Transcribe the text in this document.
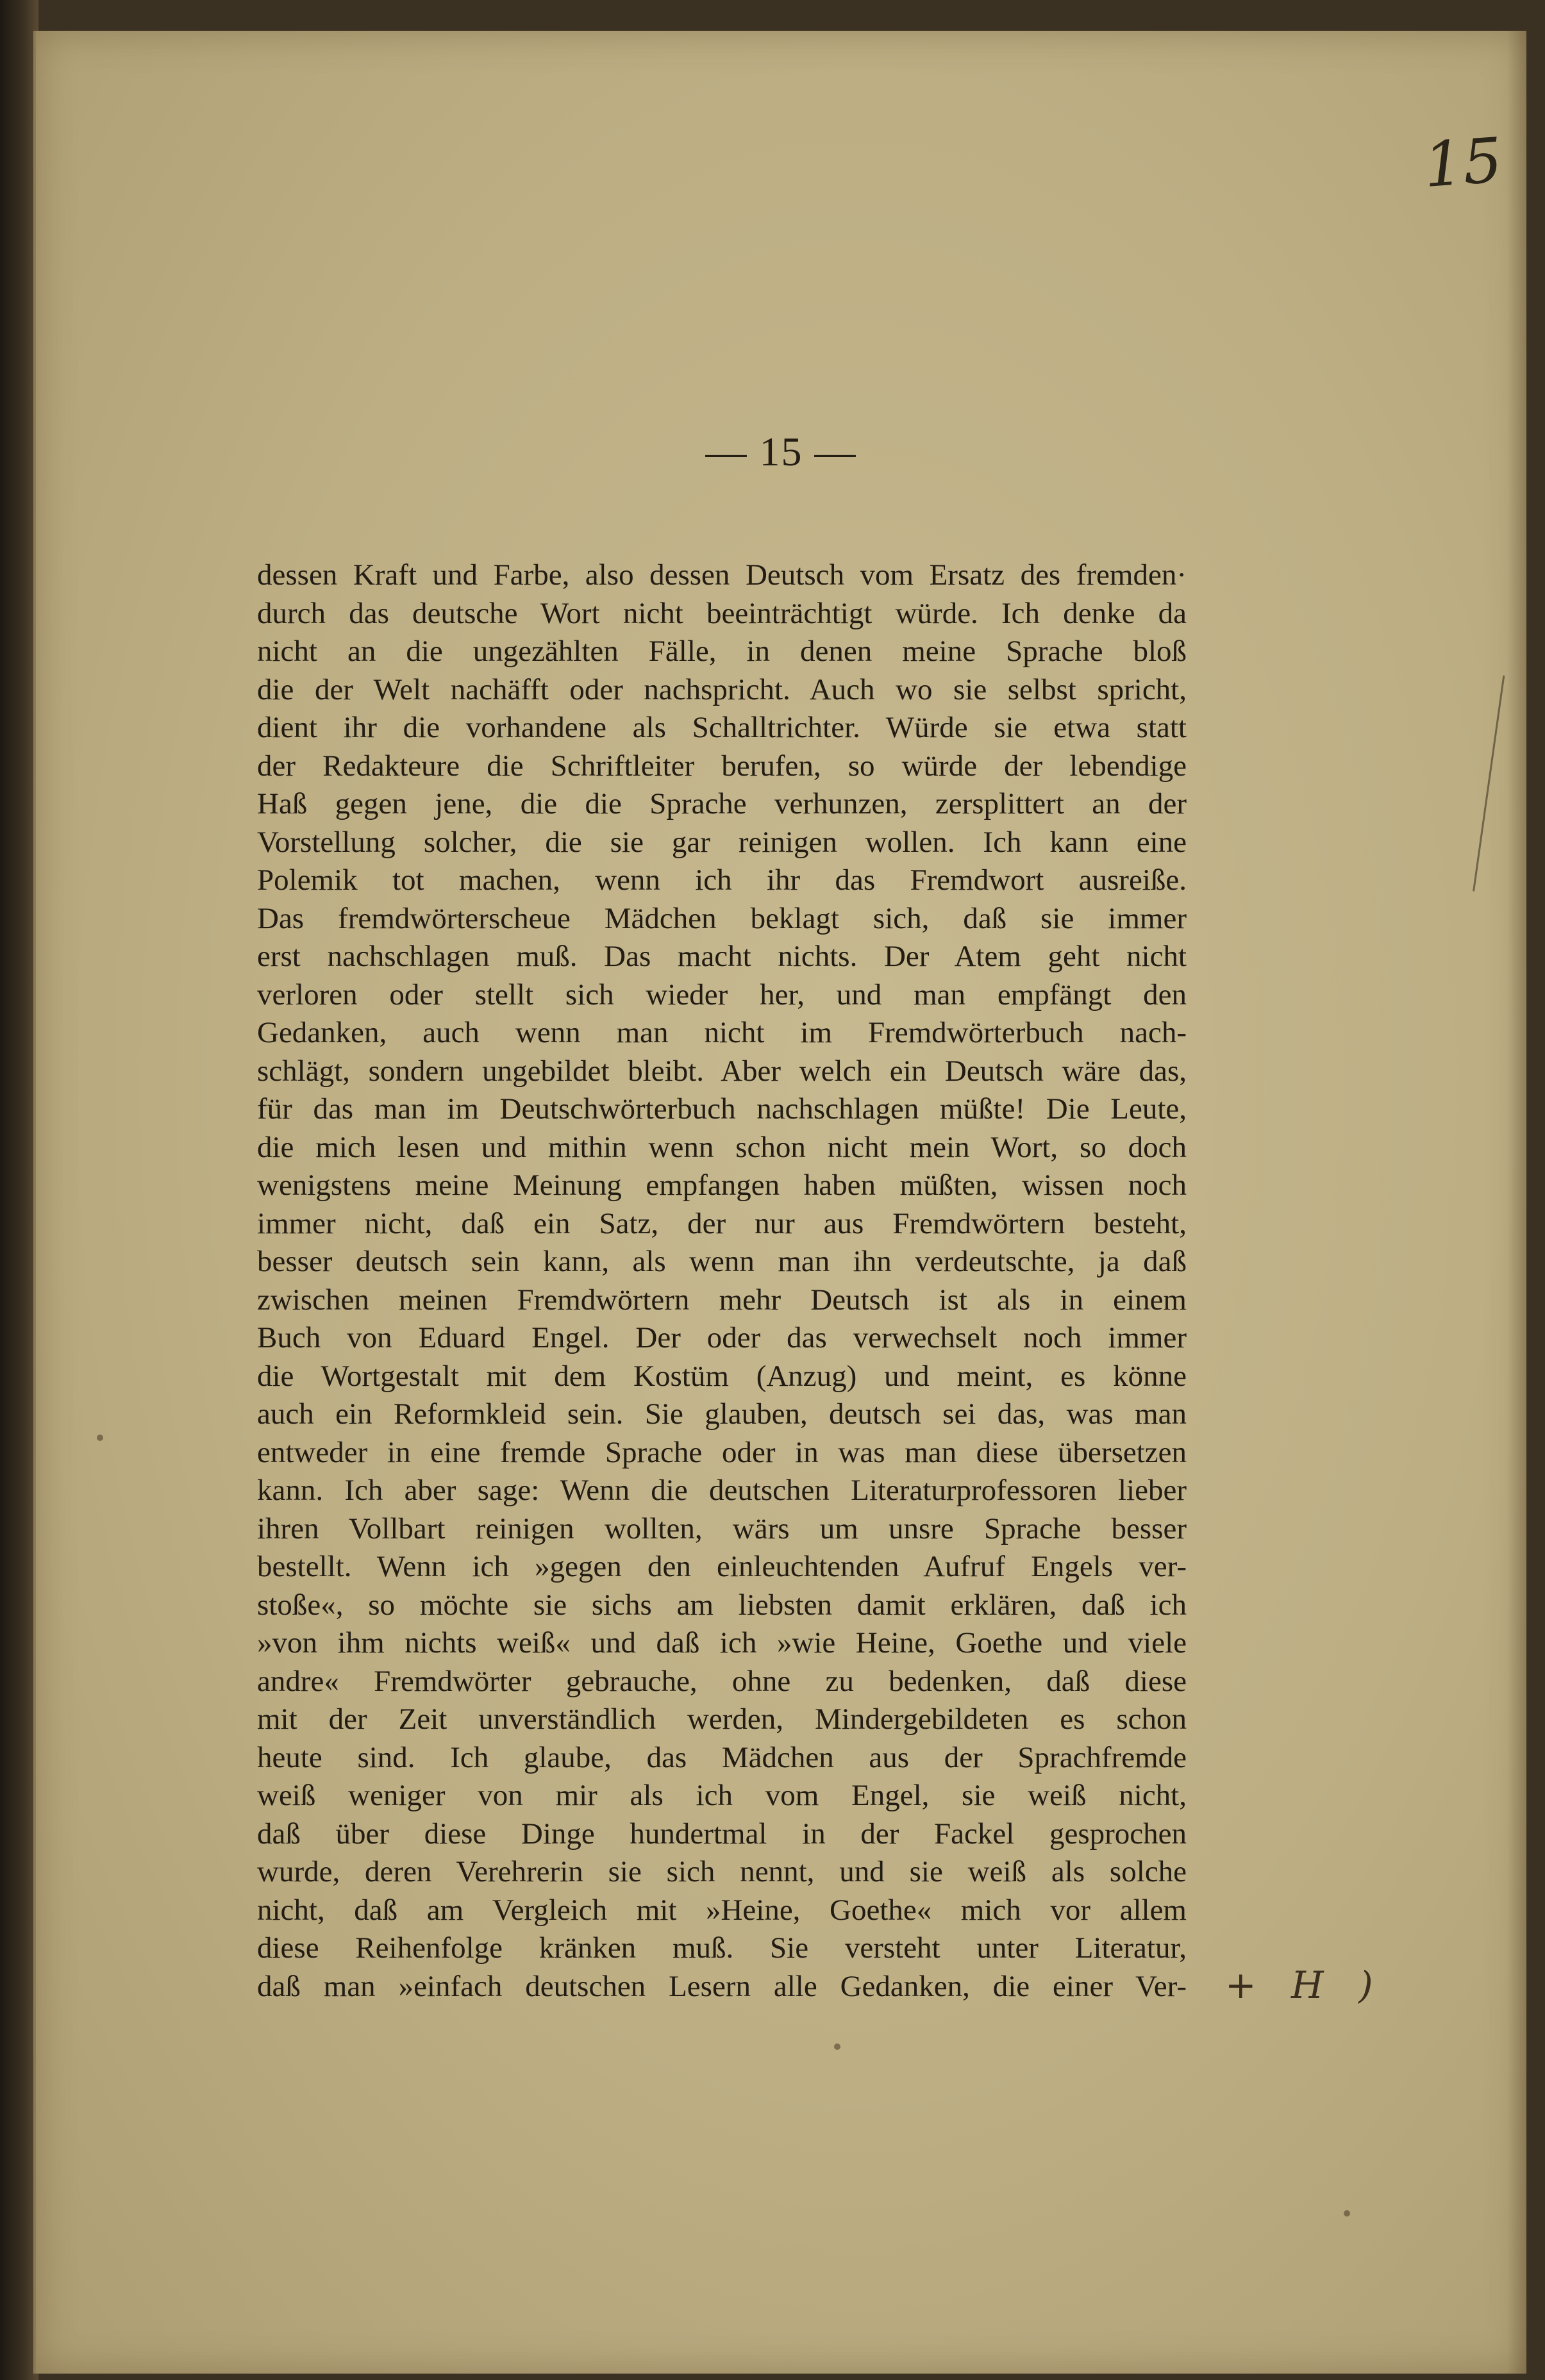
15
— 15 —
dessen Kraft und Farbe, also dessen Deutsch vom Ersatz des fremden·
durch das deutsche Wort nicht beeinträchtigt würde. Ich denke da
nicht an die ungezählten Fälle, in denen meine Sprache bloß
die der Welt nachäfft oder nachspricht. Auch wo sie selbst spricht,
dient ihr die vorhandene als Schalltrichter. Würde sie etwa statt
der Redakteure die Schriftleiter berufen, so würde der lebendige
Haß gegen jene, die die Sprache verhunzen, zersplittert an der
Vorstellung solcher, die sie gar reinigen wollen. Ich kann eine
Polemik tot machen, wenn ich ihr das Fremdwort ausreiße.
Das fremdwörterscheue Mädchen beklagt sich, daß sie immer
erst nachschlagen muß. Das macht nichts. Der Atem geht nicht
verloren oder stellt sich wieder her, und man empfängt den
Gedanken, auch wenn man nicht im Fremdwörterbuch nach-
schlägt, sondern ungebildet bleibt. Aber welch ein Deutsch wäre das,
für das man im Deutschwörterbuch nachschlagen müßte! Die Leute,
die mich lesen und mithin wenn schon nicht mein Wort, so doch
wenigstens meine Meinung empfangen haben müßten, wissen noch
immer nicht, daß ein Satz, der nur aus Fremdwörtern besteht,
besser deutsch sein kann, als wenn man ihn verdeutschte, ja daß
zwischen meinen Fremdwörtern mehr Deutsch ist als in einem
Buch von Eduard Engel. Der oder das verwechselt noch immer
die Wortgestalt mit dem Kostüm (Anzug) und meint, es könne
auch ein Reformkleid sein. Sie glauben, deutsch sei das, was man
entweder in eine fremde Sprache oder in was man diese übersetzen
kann. Ich aber sage: Wenn die deutschen Literaturprofessoren lieber
ihren Vollbart reinigen wollten, wärs um unsre Sprache besser
bestellt. Wenn ich »gegen den einleuchtenden Aufruf Engels ver-
stoße«, so möchte sie sichs am liebsten damit erklären, daß ich
»von ihm nichts weiß« und daß ich »wie Heine, Goethe und viele
andre« Fremdwörter gebrauche, ohne zu bedenken, daß diese
mit der Zeit unverständlich werden, Mindergebildeten es schon
heute sind. Ich glaube, das Mädchen aus der Sprachfremde
weiß weniger von mir als ich vom Engel, sie weiß nicht,
daß über diese Dinge hundertmal in der Fackel gesprochen
wurde, deren Verehrerin sie sich nennt, und sie weiß als solche
nicht, daß am Vergleich mit »Heine, Goethe« mich vor allem
diese Reihenfolge kränken muß. Sie versteht unter Literatur,
daß man »einfach deutschen Lesern alle Gedanken, die einer Ver- + H )
